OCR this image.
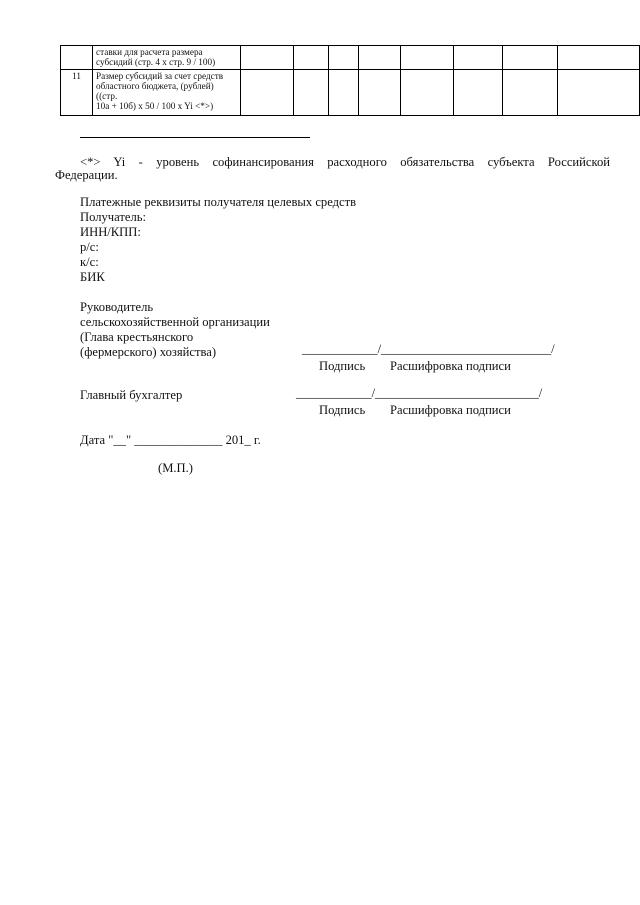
	ставки для расчета размера
субсидий (стр. 4 x стр. 9 / 100)								

11	Размер субсидий за счет средств
областного бюджета, (рублей)
((стр.
10а + 10б) x 50 / 100 x Yi <*>)								

<*> Yi - уровень софинансирования расходного обязательства субъекта Российской
Федерации.
Платежные реквизиты получателя целевых средств
Получатель:
ИНН/КПП:
р/с:
к/с:
БИК
Руководитель
сельскохозяйственной организации
(Глава крестьянского
(фермерского) хозяйства)	____________/___________________________/
Подпись Расшифровка подписи
Главный бухгалтер	____________/__________________________/
Подпись Расшифровка подписи
Дата "__" ______________ 201_ г.
(М.П.)
